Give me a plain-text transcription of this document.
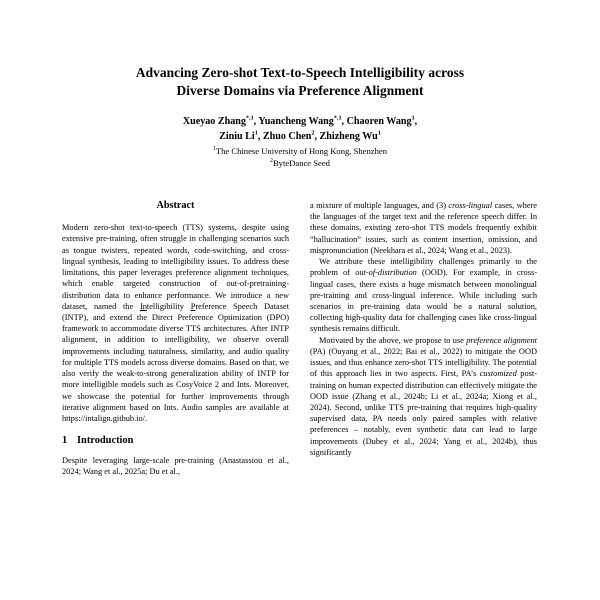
Advancing Zero-shot Text-to-Speech Intelligibility across
Diverse Domains via Preference Alignment
Xueyao Zhang$^{*,1}$, Yuancheng Wang$^{*,1}$, Chaoren Wang$^1$,
Ziniu Li$^1$, Zhuo Chen$^2$, Zhizheng Wu$^1$
$^1$The Chinese University of Hong Kong, Shenzhen
$^2$ByteDance Seed
Abstract

Modern zero-shot text-to-speech (TTS) systems, despite using extensive pre-training, often struggle in challenging scenarios such as tongue twisters, repeated words, code-switching, and cross-lingual synthesis, leading to intelligibility issues. To address these limitations, this paper leverages preference alignment techniques, which enable targeted construction of out-of-pretraining-distribution data to enhance performance. We introduce a new dataset, named the Intelligibility Preference Speech Dataset (INTP), and extend the Direct Preference Optimization (DPO) framework to accommodate diverse TTS architectures. After INTP alignment, in addition to intelligibility, we observe overall improvements including naturalness, similarity, and audio quality for multiple TTS models across diverse domains. Based on that, we also verify the weak-to-strong generalization ability of INTP for more intelligible models such as CosyVoice 2 and Ints. Moreover, we showcase the potential for further improvements through iterative alignment based on Ints. Audio samples are available at https://intalign.github.io/.

1 Introduction

Despite leveraging large-scale pre-training (Anastassiou et al., 2024; Wang et al., 2025a; Du et al.,

a mixture of multiple languages, and (3) cross-lingual cases, where the languages of the target text and the reference speech differ. In these domains, existing zero-shot TTS models frequently exhibit “hallucination” issues, such as content insertion, omission, and mispronunciation (Neekhara et al., 2024; Wang et al., 2023).

We attribute these intelligibility challenges primarily to the problem of out-of-distribution (OOD). For example, in cross-lingual cases, there exists a huge mismatch between monolingual pre-training and cross-lingual inference. While including such scenarios in pre-training data would be a natural solution, collecting high-quality data for challenging cases like cross-lingual synthesis remains difficult.

Motivated by the above, we propose to use preference alignment (PA) (Ouyang et al., 2022; Bai et al., 2022) to mitigate the OOD issues, and thus enhance zero-shot TTS intelligibility. The potential of this approach lies in two aspects. First, PA’s customized post-training on human expected distribution can effectively mitigate the OOD issue (Zhang et al., 2024b; Li et al., 2024a; Xiong et al., 2024). Second, unlike TTS pre-training that requires high-quality supervised data, PA needs only paired samples with relative preferences – notably, even synthetic data can lead to large improvements (Dubey et al., 2024; Yang et al., 2024b), thus significantly
